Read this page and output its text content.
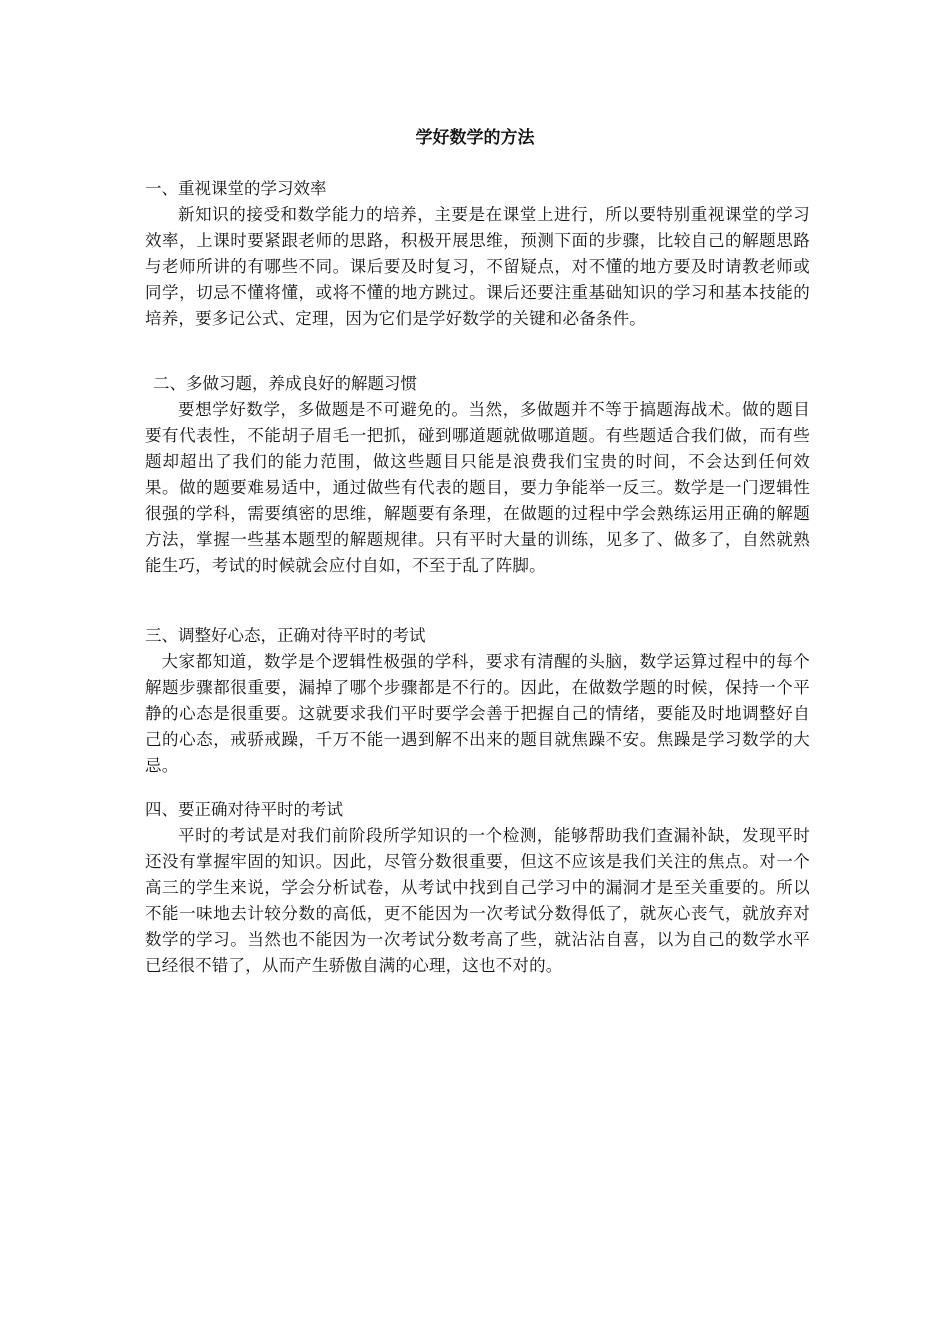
学好数学的方法
一、重视课堂的学习效率
新知识的接受和数学能力的培养，主要是在课堂上进行，所以要特别重视课堂的学习效率，上课时要紧跟老师的思路，积极开展思维，预测下面的步骤，比较自己的解题思路与老师所讲的有哪些不同。课后要及时复习，不留疑点，对不懂的地方要及时请教老师或同学，切忌不懂将懂，或将不懂的地方跳过。课后还要注重基础知识的学习和基本技能的培养，要多记公式、定理，因为它们是学好数学的关键和必备条件。
二、多做习题，养成良好的解题习惯
要想学好数学，多做题是不可避免的。当然，多做题并不等于搞题海战术。做的题目要有代表性，不能胡子眉毛一把抓，碰到哪道题就做哪道题。有些题适合我们做，而有些题却超出了我们的能力范围，做这些题目只能是浪费我们宝贵的时间，不会达到任何效果。做的题要难易适中，通过做些有代表的题目，要力争能举一反三。数学是一门逻辑性很强的学科，需要缜密的思维，解题要有条理，在做题的过程中学会熟练运用正确的解题方法，掌握一些基本题型的解题规律。只有平时大量的训练，见多了、做多了，自然就熟能生巧，考试的时候就会应付自如，不至于乱了阵脚。
三、调整好心态，正确对待平时的考试
大家都知道，数学是个逻辑性极强的学科，要求有清醒的头脑，数学运算过程中的每个解题步骤都很重要，漏掉了哪个步骤都是不行的。因此，在做数学题的时候，保持一个平静的心态是很重要。这就要求我们平时要学会善于把握自己的情绪，要能及时地调整好自己的心态，戒骄戒躁，千万不能一遇到解不出来的题目就焦躁不安。焦躁是学习数学的大忌。
四、要正确对待平时的考试
平时的考试是对我们前阶段所学知识的一个检测，能够帮助我们查漏补缺，发现平时还没有掌握牢固的知识。因此，尽管分数很重要，但这不应该是我们关注的焦点。对一个高三的学生来说，学会分析试卷，从考试中找到自己学习中的漏洞才是至关重要的。所以不能一味地去计较分数的高低，更不能因为一次考试分数得低了，就灰心丧气，就放弃对数学的学习。当然也不能因为一次考试分数考高了些，就沾沾自喜，以为自己的数学水平已经很不错了，从而产生骄傲自满的心理，这也不对的。
